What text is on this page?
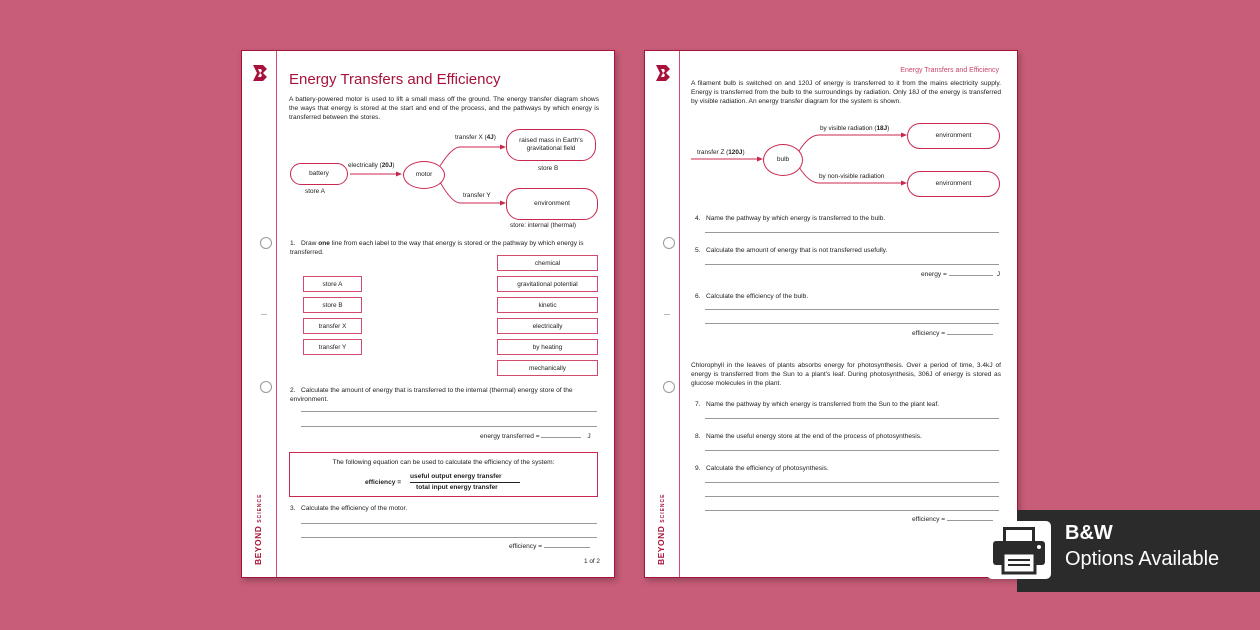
BEYOND SCIENCE
Energy Transfers and Efficiency
A battery-powered motor is used to lift a small mass off the ground. The energy transfer diagram shows the ways that energy is stored at the start and end of the process, and the pathways by which energy is transferred between the stores.
battery
store A
electrically (20J)
motor
transfer X (4J)	raised mass in Earth's gravitational field
store B
transfer Y
environment
store: internal (thermal)
1. Draw one line from each label to the way that energy is stored or the pathway by which energy is transferred.
store A
store B
transfer X
transfer Y
chemical
gravitational potential
kinetic
electrically
by heating
mechanically
2. Calculate the amount of energy that is transferred to the internal (thermal) energy store of the environment.
energy transferred =	J
The following equation can be used to calculate the efficiency of the system:
efficiency =
useful output energy transfer
total input energy transfer
3. Calculate the efficiency of the motor.
efficiency =
1 of 2	BEYOND SCIENCE
Energy Transfers and Efficiency
A filament bulb is switched on and 120J of energy is transferred to it from the mains electricity supply. Energy is transferred from the bulb to the surroundings by radiation. Only 18J of the energy is transferred by visible radiation. An energy transfer diagram for the system is shown.
transfer Z (120J)
bulb
by visible radiation (18J)
environment
by non-visible radiation
environment
4. Name the pathway by which energy is transferred to the bulb.
5. Calculate the amount of energy that is not transferred usefully.
energy =	J
6. Calculate the efficiency of the bulb.
efficiency =
Chlorophyll in the leaves of plants absorbs energy for photosynthesis. Over a period of time, 3.4kJ of energy is transferred from the Sun to a plant's leaf. During photosynthesis, 306J of energy is stored as glucose molecules in the plant.
7. Name the pathway by which energy is transferred from the Sun to the plant leaf.
8. Name the useful energy store at the end of the process of photosynthesis.
9. Calculate the efficiency of photosynthesis.
efficiency =
B&W
Options Available
